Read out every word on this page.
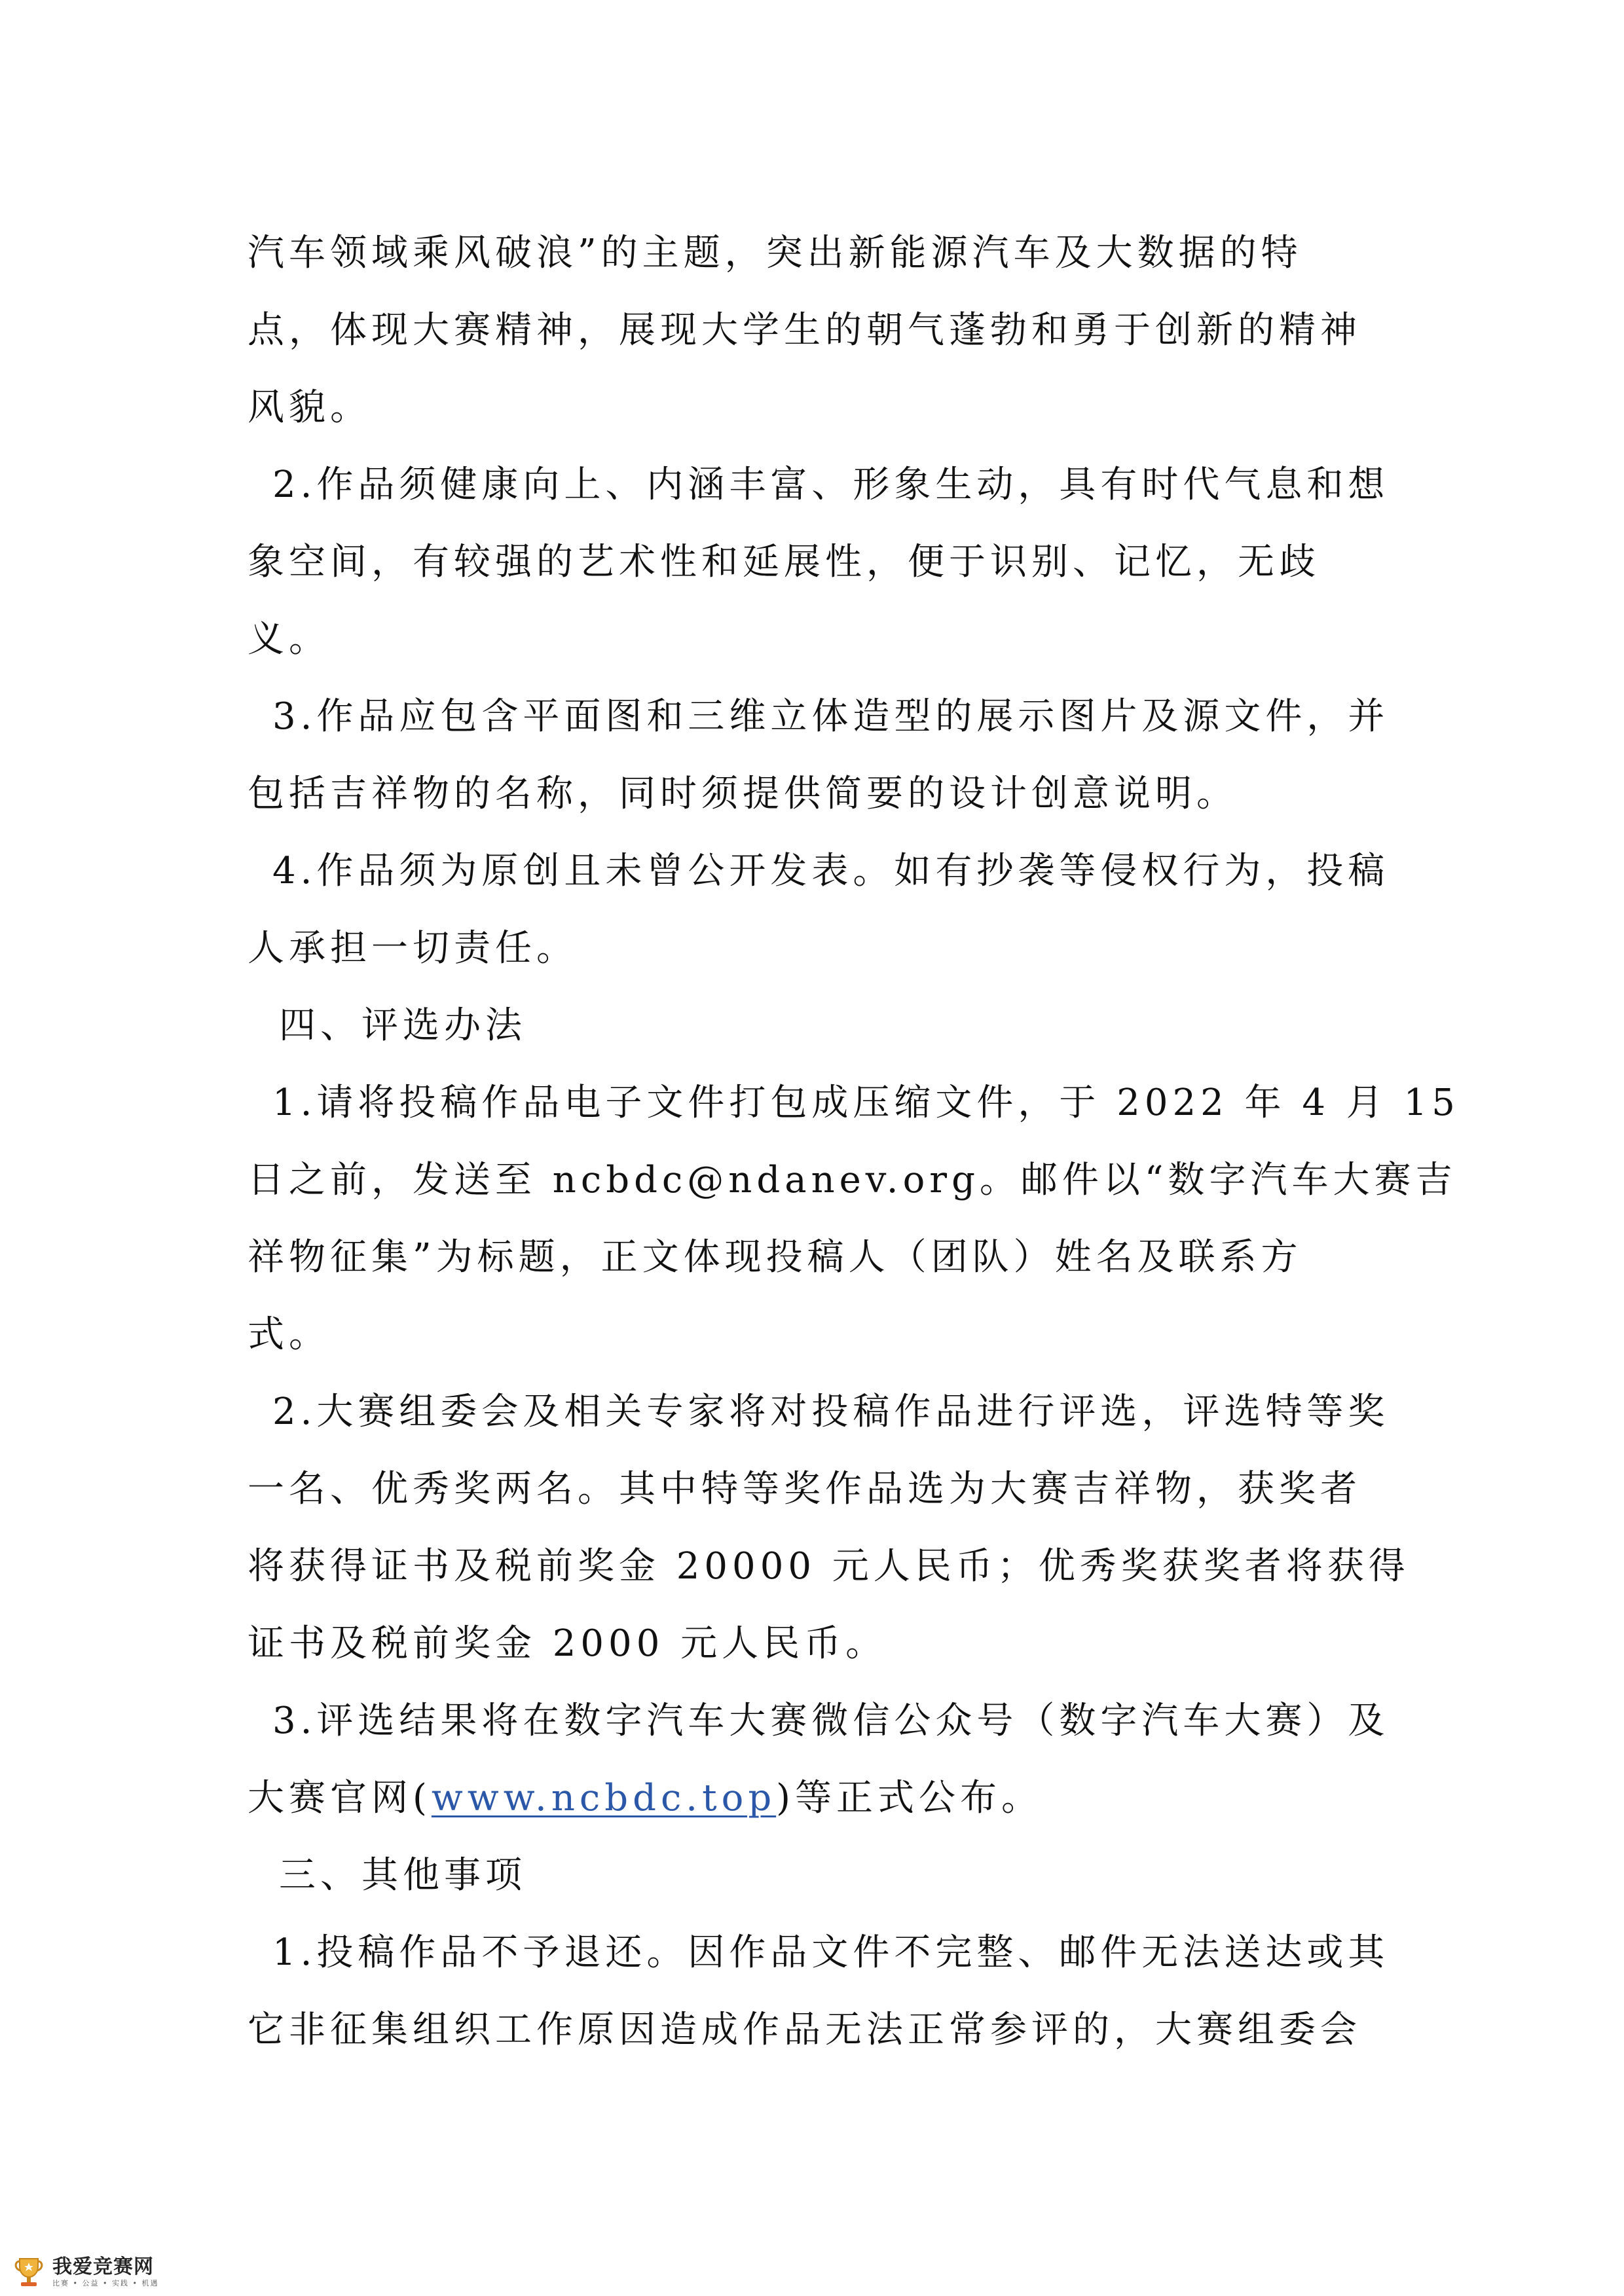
汽车领域乘风破浪”的主题，突出新能源汽车及大数据的特
点，体现大赛精神，展现大学生的朝气蓬勃和勇于创新的精神
风貌。
2.作品须健康向上、内涵丰富、形象生动，具有时代气息和想
象空间，有较强的艺术性和延展性，便于识别、记忆，无歧
义。
3.作品应包含平面图和三维立体造型的展示图片及源文件，并
包括吉祥物的名称，同时须提供简要的设计创意说明。
4.作品须为原创且未曾公开发表。如有抄袭等侵权行为，投稿
人承担一切责任。
四、评选办法
1.请将投稿作品电子文件打包成压缩文件，于 2022 年 4 月 15
日之前，发送至 ncbdc@ndanev.org。邮件以“数字汽车大赛吉
祥物征集”为标题，正文体现投稿人（团队）姓名及联系方
式。
2.大赛组委会及相关专家将对投稿作品进行评选，评选特等奖
一名、优秀奖两名。其中特等奖作品选为大赛吉祥物，获奖者
将获得证书及税前奖金 20000 元人民币；优秀奖获奖者将获得
证书及税前奖金 2000 元人民币。
3.评选结果将在数字汽车大赛微信公众号（数字汽车大赛）及
大赛官网(www.ncbdc.top)等正式公布。
三、其他事项
1.投稿作品不予退还。因作品文件不完整、邮件无法送达或其
它非征集组织工作原因造成作品无法正常参评的，大赛组委会
我爱竞赛网
比赛 • 公益 • 实践 • 机遇
